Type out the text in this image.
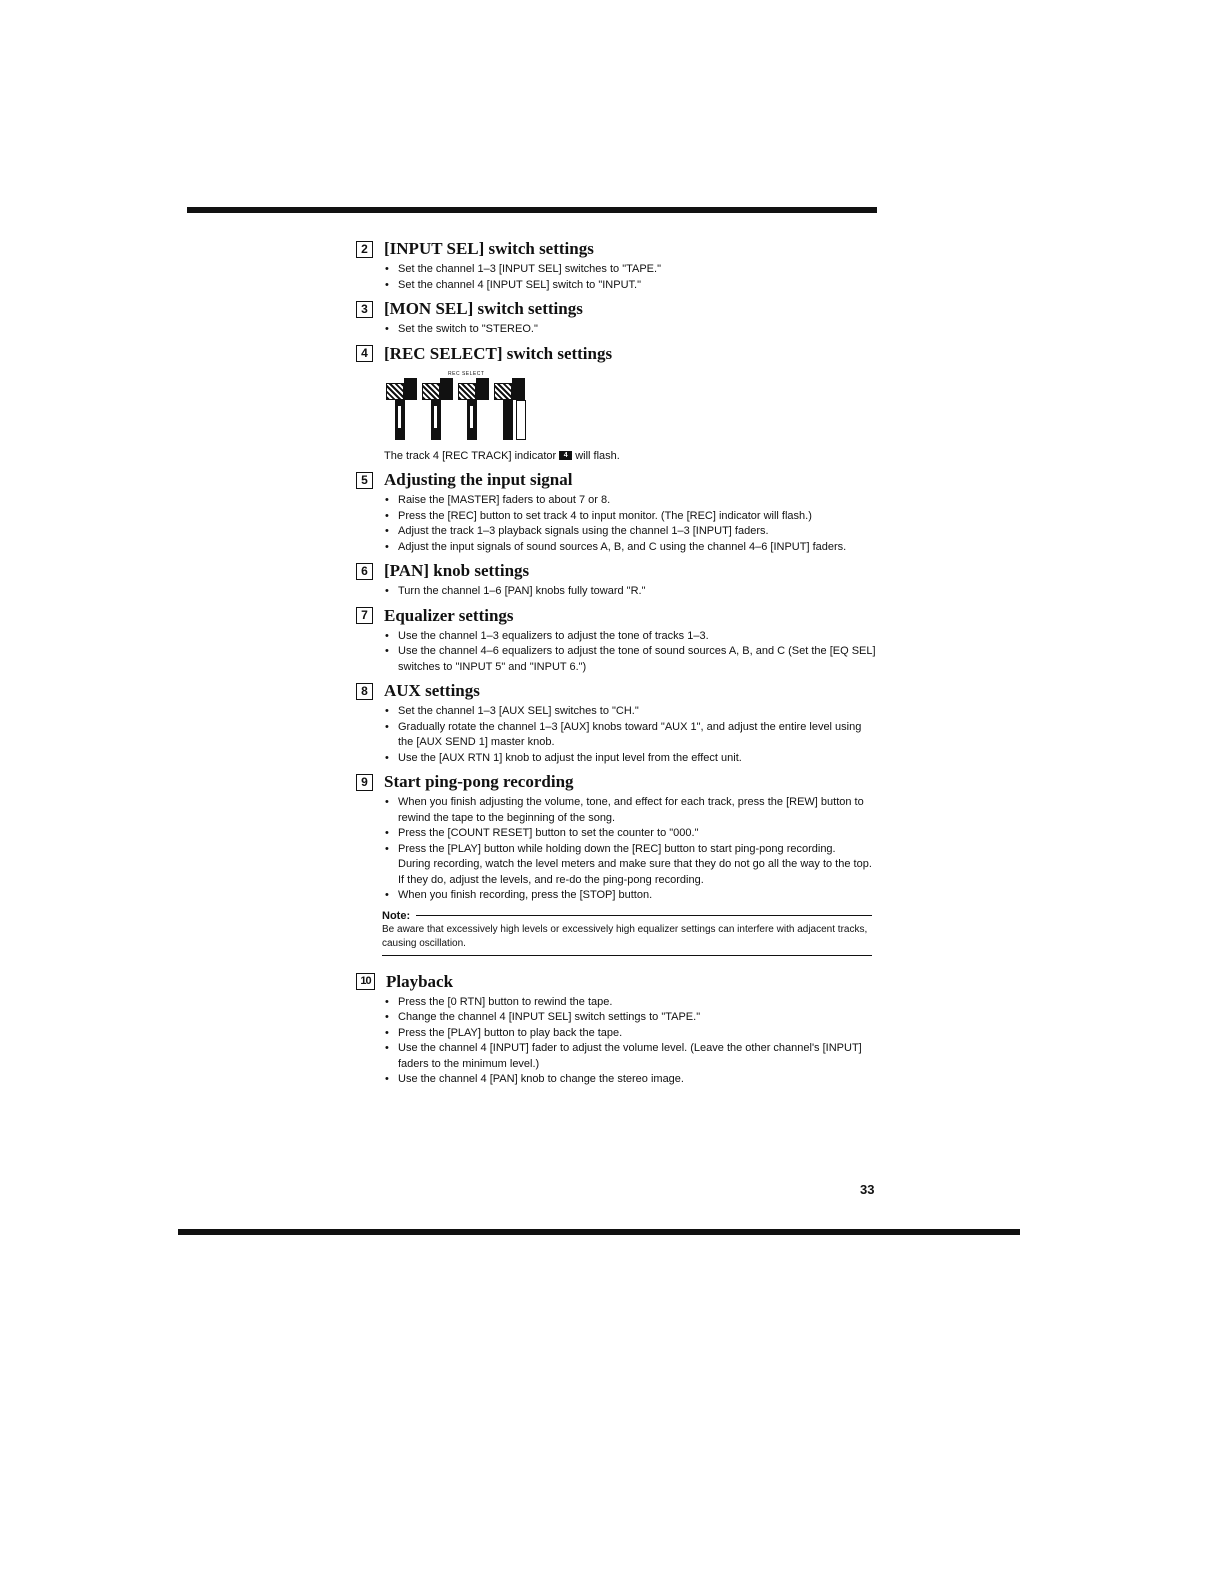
2 [INPUT SEL] switch settings
• Set the channel 1–3 [INPUT SEL] switches to "TAPE."
• Set the channel 4 [INPUT SEL] switch to "INPUT."
3 [MON SEL] switch settings
• Set the switch to "STEREO."
4 [REC SELECT] switch settings
REC SELECT

The track 4 [REC TRACK] indicator 4 will flash.

5 Adjusting the input signal
• Raise the [MASTER] faders to about 7 or 8.
• Press the [REC] button to set track 4 to input monitor. (The [REC] indicator will flash.)
• Adjust the track 1–3 playback signals using the channel 1–3 [INPUT] faders.
• Adjust the input signals of sound sources A, B, and C using the channel 4–6 [INPUT] faders.
6 [PAN] knob settings
• Turn the channel 1–6 [PAN] knobs fully toward "R."
7 Equalizer settings
• Use the channel 1–3 equalizers to adjust the tone of tracks 1–3.
• Use the channel 4–6 equalizers to adjust the tone of sound sources A, B, and C (Set the [EQ SEL] switches to "INPUT 5" and "INPUT 6.")
8 AUX settings
• Set the channel 1–3 [AUX SEL] switches to "CH."
• Gradually rotate the channel 1–3 [AUX] knobs toward "AUX 1", and adjust the entire level using the [AUX SEND 1] master knob.
• Use the [AUX RTN 1] knob to adjust the input level from the effect unit.
9 Start ping-pong recording
• When you finish adjusting the volume, tone, and effect for each track, press the [REW] button to rewind the tape to the beginning of the song.
• Press the [COUNT RESET] button to set the counter to "000."
• Press the [PLAY] button while holding down the [REC] button to start ping-pong recording.
During recording, watch the level meters and make sure that they do not go all the way to the top. If they do, adjust the levels, and re-do the ping-pong recording.
• When you finish recording, press the [STOP] button.
Note:
Be aware that excessively high levels or excessively high equalizer settings can interfere with adjacent tracks, causing oscillation.
10 Playback
• Press the [0 RTN] button to rewind the tape.
• Change the channel 4 [INPUT SEL] switch settings to "TAPE."
• Press the [PLAY] button to play back the tape.
• Use the channel 4 [INPUT] fader to adjust the volume level. (Leave the other channel's [INPUT] faders to the minimum level.)
• Use the channel 4 [PAN] knob to change the stereo image.
33
